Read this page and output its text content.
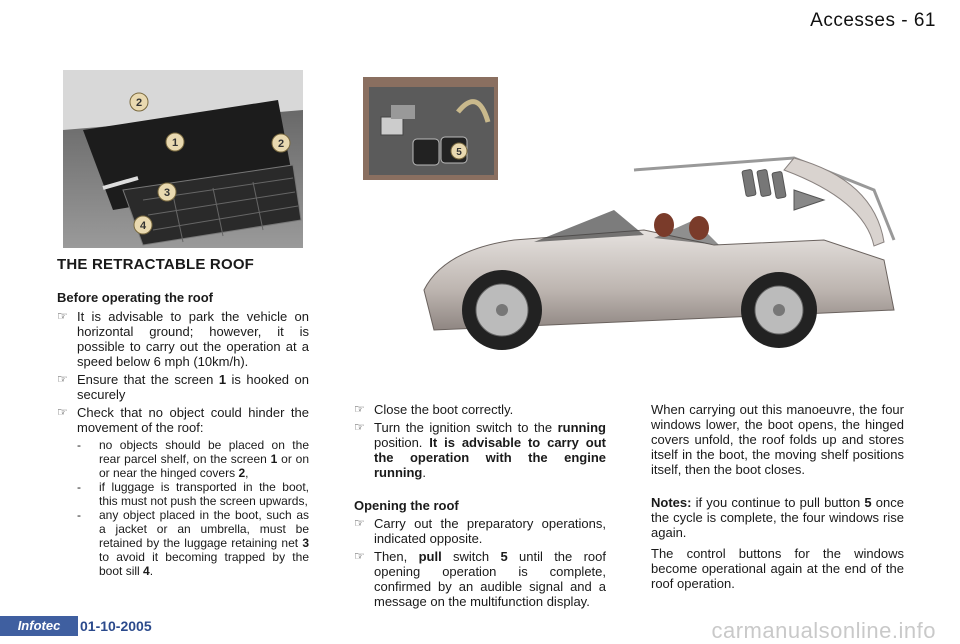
Accesses - 61
2
1	2
3
4
5
THE RETRACTABLE ROOF

Before operating the roof

☞ It is advisable to park the vehicle on horizontal ground; however, it is possible to carry out the operation at a speed below 6 mph (10km/h).

☞ Ensure that the screen 1 is hooked on securely

☞ Check that no object could hinder the movement of the roof:

- no objects should be placed on the rear parcel shelf, on the screen 1 or on or near the hinged covers 2,

- if luggage is transported in the boot, this must not push the screen upwards,

- any object placed in the boot, such as a jacket or an umbrella, must be retained by the luggage retaining net 3 to avoid it becoming trapped by the boot sill 4.

☞ Close the boot correctly.

☞ Turn the ignition switch to the running position. It is advisable to carry out the operation with the engine running.

Opening the roof

☞ Carry out the preparatory operations, indicated opposite.

☞ Then, pull switch 5 until the roof opening operation is complete, confirmed by an audible signal and a message on the multifunction display.

When carrying out this manoeuvre, the four windows lower, the boot opens, the hinged covers unfold, the roof folds up and stores itself in the boot, the moving shelf positions itself, then the boot closes.

Notes: if you continue to pull button 5 once the cycle is complete, the four windows rise again.

The control buttons for the windows become operational again at the end of the roof operation.

Infotec	01-10-2005	carmanualsonline.info
